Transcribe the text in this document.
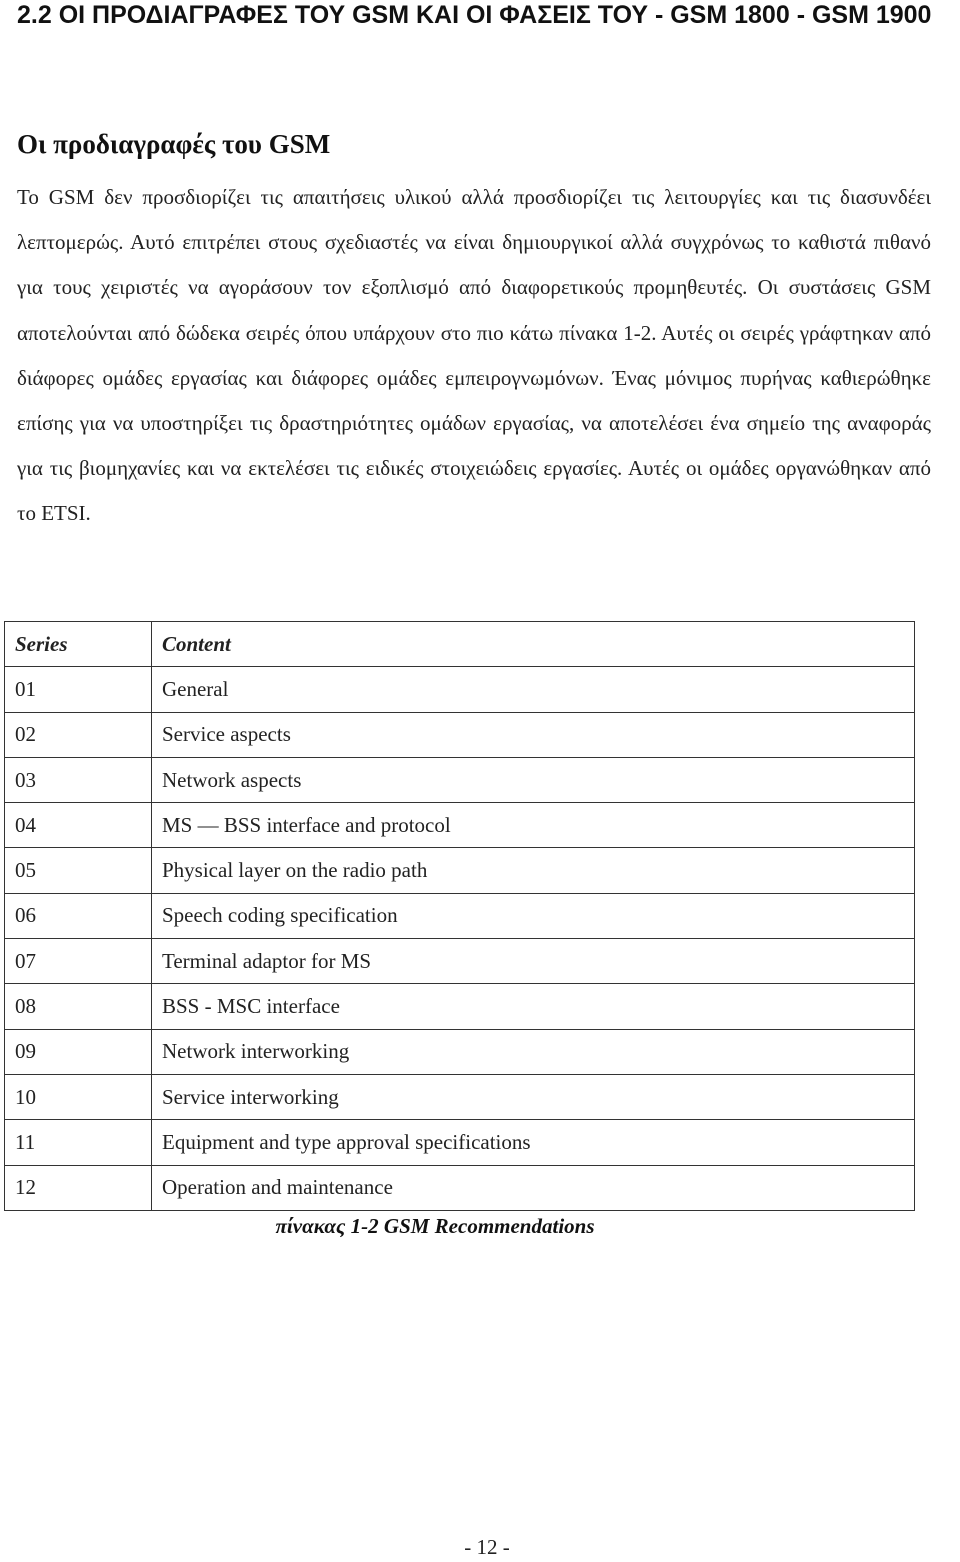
2.2 ΟΙ ΠΡΟΔΙΑΓΡΑΦΕΣ ΤΟΥ GSM ΚΑΙ ΟΙ ΦΑΣΕΙΣ ΤΟΥ - GSM 1800 - GSM 1900
Οι προδιαγραφές του GSM

Το GSM δεν προσδιορίζει τις απαιτήσεις υλικού αλλά προσδιορίζει τις λειτουργίες και τις διασυνδέει λεπτομερώς. Αυτό επιτρέπει στους σχεδιαστές να είναι δημιουργικοί αλλά συγχρόνως το καθιστά πιθανό για τους χειριστές να αγοράσουν τον εξοπλισμό από διαφορετικούς προμηθευτές. Οι συστάσεις GSM αποτελούνται από δώδεκα σειρές όπου υπάρχουν στο πιο κάτω πίνακα 1-2. Αυτές οι σειρές γράφτηκαν από διάφορες ομάδες εργασίας και διάφορες ομάδες εμπειρογνωμόνων. Ένας μόνιμος πυρήνας καθιερώθηκε επίσης για να υποστηρίξει τις δραστηριότητες ομάδων εργασίας, να αποτελέσει ένα σημείο της αναφοράς για τις βιομηχανίες και να εκτελέσει τις ειδικές στοιχειώδεις εργασίες. Αυτές οι ομάδες οργανώθηκαν από το ETSI.

Series	Content
01	General
02	Service aspects
03	Network aspects
04	MS — BSS interface and protocol
05	Physical layer on the radio path
06	Speech coding specification
07	Terminal adaptor for MS
08	BSS - MSC interface
09	Network interworking
10	Service interworking
11	Equipment and type approval specifications
12	Operation and maintenance

πίνακας 1-2 GSM Recommendations

- 12 -
